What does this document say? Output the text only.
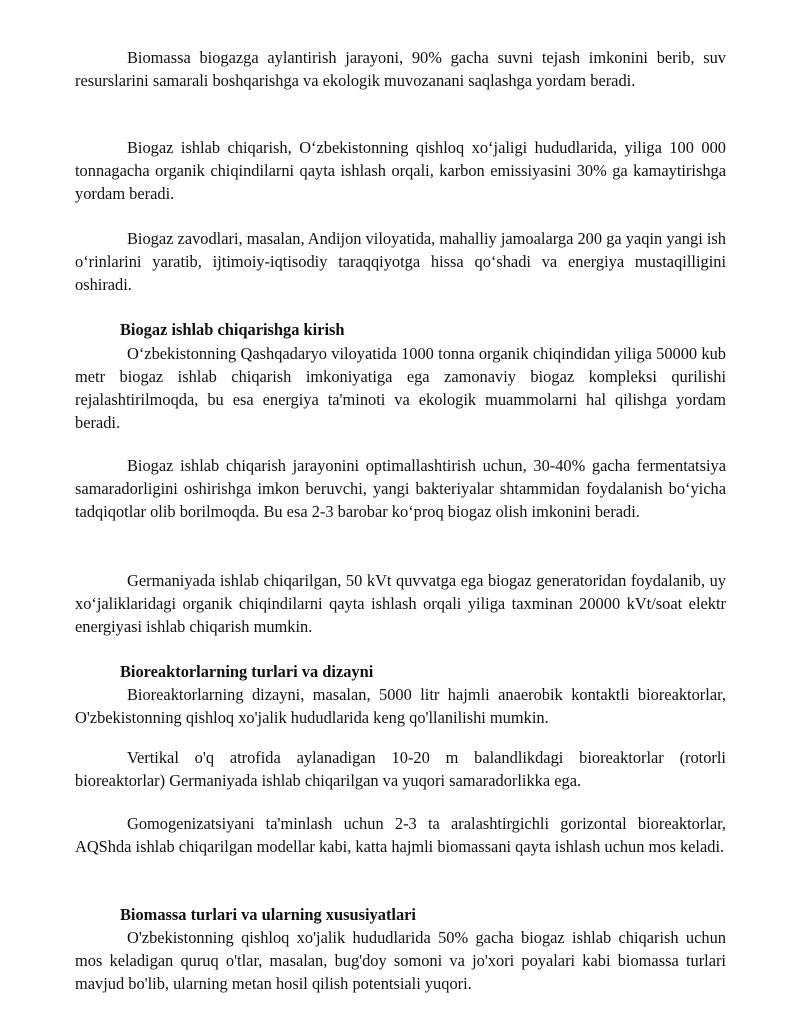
Biomassa biogazga aylantirish jarayoni, 90% gacha suvni tejash imkonini berib, suv resurslarini samarali boshqarishga va ekologik muvozanani saqlashga yordam beradi.

Biogaz ishlab chiqarish, O‘zbekistonning qishloq xo‘jaligi hududlarida, yiliga 100 000 tonnagacha organik chiqindilarni qayta ishlash orqali, karbon emissiyasini 30% ga kamaytirishga yordam beradi.

Biogaz zavodlari, masalan, Andijon viloyatida, mahalliy jamoalarga 200 ga yaqin yangi ish o‘rinlarini yaratib, ijtimoiy-iqtisodiy taraqqiyotga hissa qo‘shadi va energiya mustaqilligini oshiradi.

Biogaz ishlab chiqarishga kirish

O‘zbekistonning Qashqadaryo viloyatida 1000 tonna organik chiqindidan yiliga 50000 kub metr biogaz ishlab chiqarish imkoniyatiga ega zamonaviy biogaz kompleksi qurilishi rejalashtirilmoqda, bu esa energiya ta'minoti va ekologik muammolarni hal qilishga yordam beradi.

Biogaz ishlab chiqarish jarayonini optimallashtirish uchun, 30-40% gacha fermentatsiya samaradorligini oshirishga imkon beruvchi, yangi bakteriyalar shtammidan foydalanish bo‘yicha tadqiqotlar olib borilmoqda. Bu esa 2-3 barobar ko‘proq biogaz olish imkonini beradi.

Germaniyada ishlab chiqarilgan, 50 kVt quvvatga ega biogaz generatoridan foydalanib, uy xo‘jaliklaridagi organik chiqindilarni qayta ishlash orqali yiliga taxminan 20000 kVt/soat elektr energiyasi ishlab chiqarish mumkin.

Bioreaktorlarning turlari va dizayni

Bioreaktorlarning dizayni, masalan, 5000 litr hajmli anaerobik kontaktli bioreaktorlar, O'zbekistonning qishloq xo'jalik hududlarida keng qo'llanilishi mumkin.

Vertikal o'q atrofida aylanadigan 10-20 m balandlikdagi bioreaktorlar (rotorli bioreaktorlar) Germaniyada ishlab chiqarilgan va yuqori samaradorlikka ega.

Gomogenizatsiyani ta'minlash uchun 2-3 ta aralashtirgichli gorizontal bioreaktorlar, AQShda ishlab chiqarilgan modellar kabi, katta hajmli biomassani qayta ishlash uchun mos keladi.

Biomassa turlari va ularning xususiyatlari

O'zbekistonning qishloq xo'jalik hududlarida 50% gacha biogaz ishlab chiqarish uchun mos keladigan quruq o'tlar, masalan, bug'doy somoni va jo'xori poyalari kabi biomassa turlari mavjud bo'lib, ularning metan hosil qilish potentsiali yuqori.
